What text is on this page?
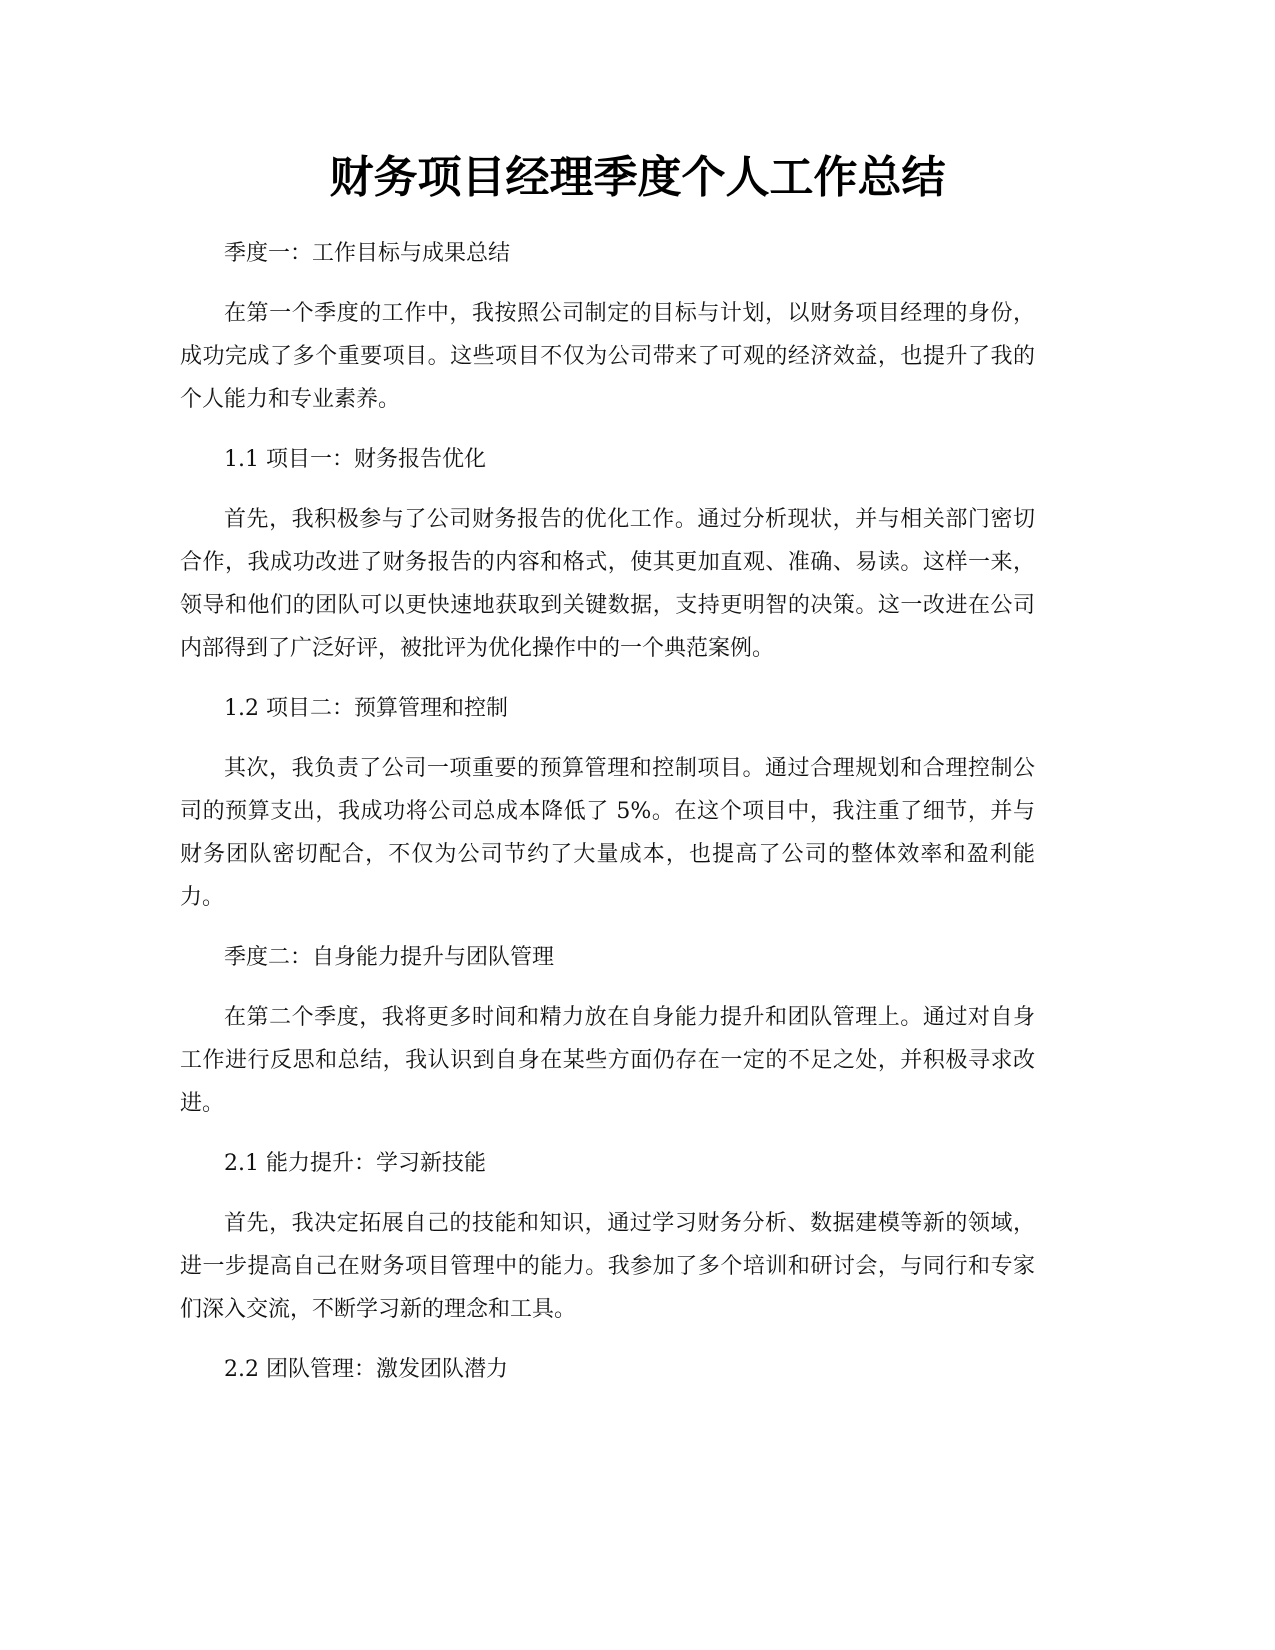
财务项目经理季度个人工作总结

季度一：工作目标与成果总结

在第一个季度的工作中，我按照公司制定的目标与计划，以财务项目经理的身份，成功完成了多个重要项目。这些项目不仅为公司带来了可观的经济效益，也提升了我的个人能力和专业素养。

1.1 项目一：财务报告优化

首先，我积极参与了公司财务报告的优化工作。通过分析现状，并与相关部门密切合作，我成功改进了财务报告的内容和格式，使其更加直观、准确、易读。这样一来，领导和他们的团队可以更快速地获取到关键数据，支持更明智的决策。这一改进在公司内部得到了广泛好评，被批评为优化操作中的一个典范案例。

1.2 项目二：预算管理和控制

其次，我负责了公司一项重要的预算管理和控制项目。通过合理规划和合理控制公司的预算支出，我成功将公司总成本降低了 5%。在这个项目中，我注重了细节，并与财务团队密切配合，不仅为公司节约了大量成本，也提高了公司的整体效率和盈利能力。

季度二：自身能力提升与团队管理

在第二个季度，我将更多时间和精力放在自身能力提升和团队管理上。通过对自身工作进行反思和总结，我认识到自身在某些方面仍存在一定的不足之处，并积极寻求改进。

2.1 能力提升：学习新技能

首先，我决定拓展自己的技能和知识，通过学习财务分析、数据建模等新的领域，进一步提高自己在财务项目管理中的能力。我参加了多个培训和研讨会，与同行和专家们深入交流，不断学习新的理念和工具。

2.2 团队管理：激发团队潜力
